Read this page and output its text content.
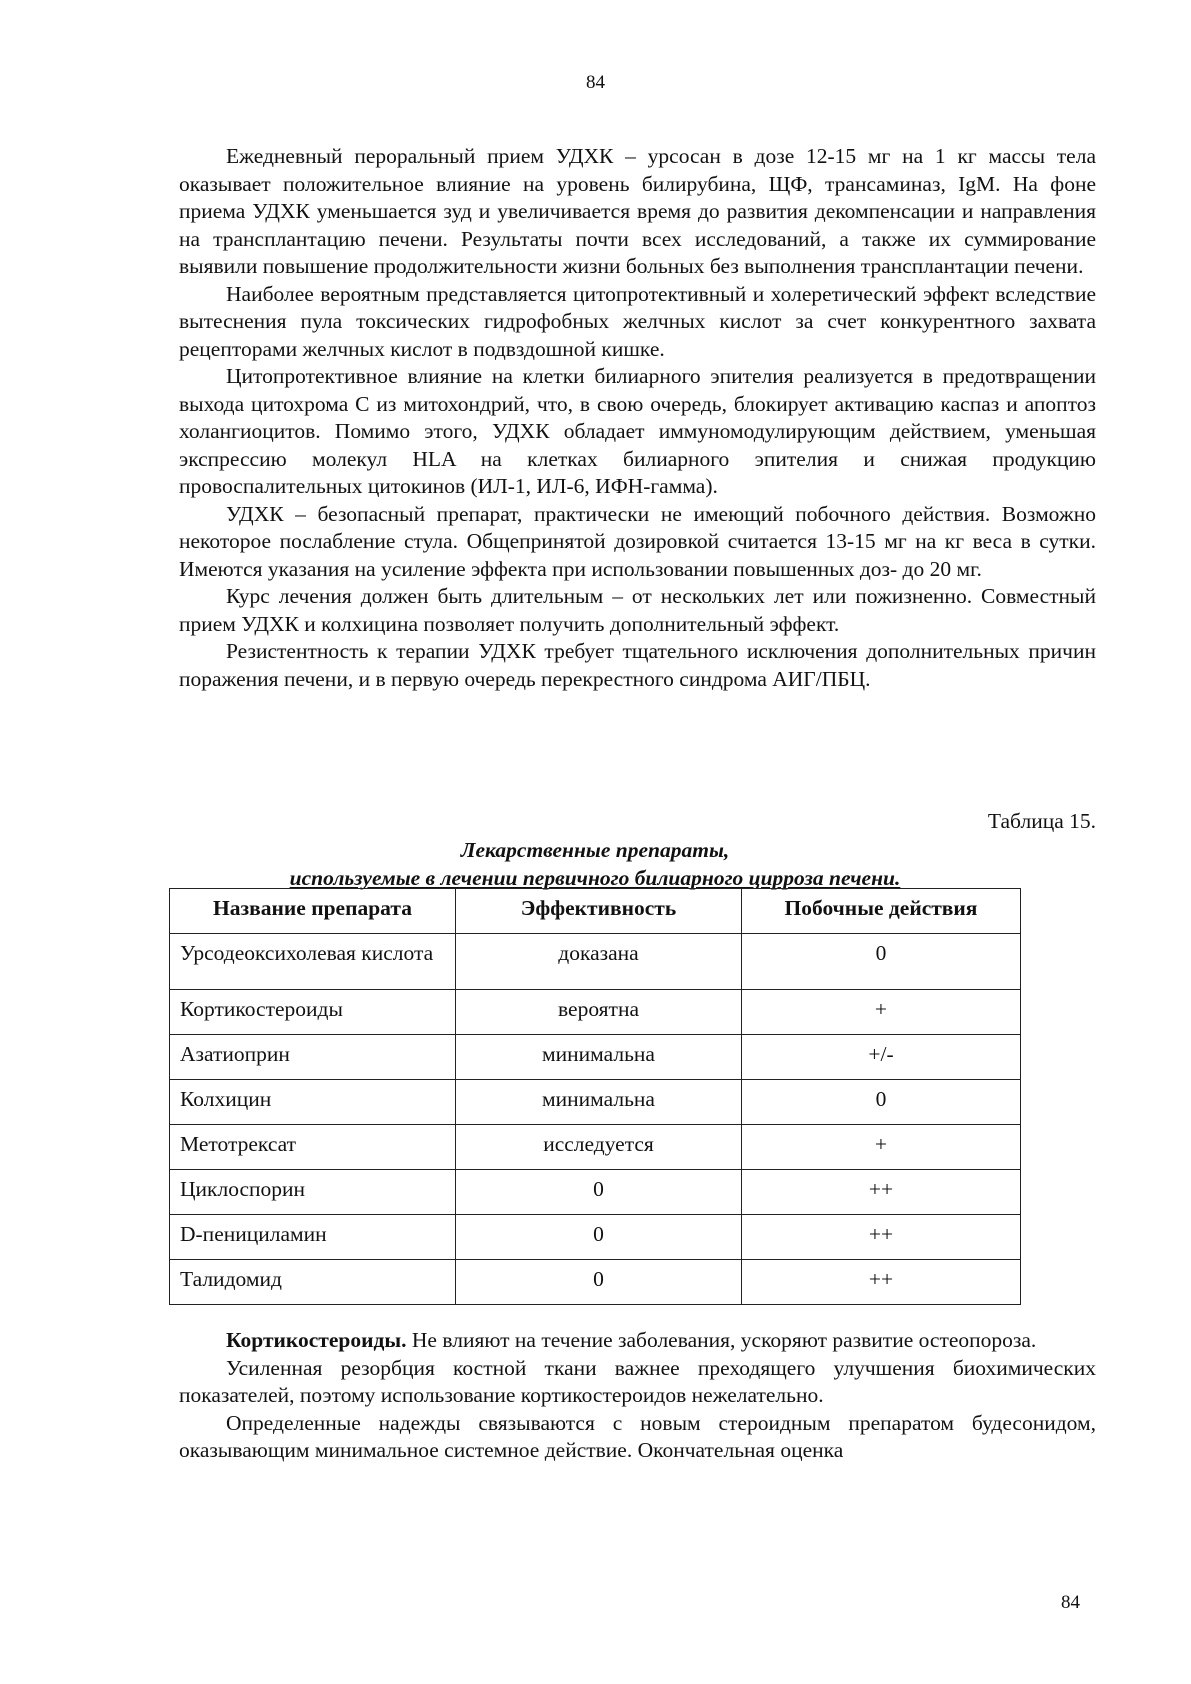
84

Ежедневный пероральный прием УДХК – урсосан в дозе 12-15 мг на 1 кг массы тела оказывает положительное влияние на уровень билирубина, ЩФ, трансаминаз, IgM. На фоне приема УДХК уменьшается зуд и увеличивается время до развития декомпенсации и направления на трансплантацию печени. Результаты почти всех исследований, а также их суммирование выявили повышение продолжительности жизни больных без выполнения трансплантации печени.

Наиболее вероятным представляется цитопротективный и холеретический эффект вследствие вытеснения пула токсических гидрофобных желчных кислот за счет конкурентного захвата рецепторами желчных кислот в подвздошной кишке.

Цитопротективное влияние на клетки билиарного эпителия реализуется в предотвращении выхода цитохрома С из митохондрий, что, в свою очередь, блокирует активацию каспаз и апоптоз холангиоцитов. Помимо этого, УДХК обладает иммуномодулирующим действием, уменьшая экспрессию молекул HLA на клетках билиарного эпителия и снижая продукцию провоспалительных цитокинов (ИЛ-1, ИЛ-6, ИФН-гамма).

УДХК – безопасный препарат, практически не имеющий побочного действия. Возможно некоторое послабление стула. Общепринятой дозировкой считается 13-15 мг на кг веса в сутки. Имеются указания на усиление эффекта при использовании повышенных доз- до 20 мг.

Курс лечения должен быть длительным – от нескольких лет или пожизненно. Совместный прием УДХК и колхицина позволяет получить дополнительный эффект.

Резистентность к терапии УДХК требует тщательного исключения дополнительных причин поражения печени, и в первую очередь перекрестного синдрома АИГ/ПБЦ.

Таблица 15.
Лекарственные препараты,
используемые в лечении первичного билиарного цирроза печени.
Название препарата	Эффективность	Побочные действия
Урсодеоксихолевая кислота	доказана	0
Кортикостероиды	вероятна	+
Азатиоприн	минимальна	+/-
Колхицин	минимальна	0
Метотрексат	исследуется	+
Циклоспорин	0	++
D-пенициламин	0	++
Талидомид	0	++

Кортикостероиды. Не влияют на течение заболевания, ускоряют развитие остеопороза.

Усиленная резорбция костной ткани важнее преходящего улучшения биохимических показателей, поэтому использование кортикостероидов нежелательно.

Определенные надежды связываются с новым стероидным препаратом будесонидом, оказывающим минимальное системное действие. Окончательная оценка

84
